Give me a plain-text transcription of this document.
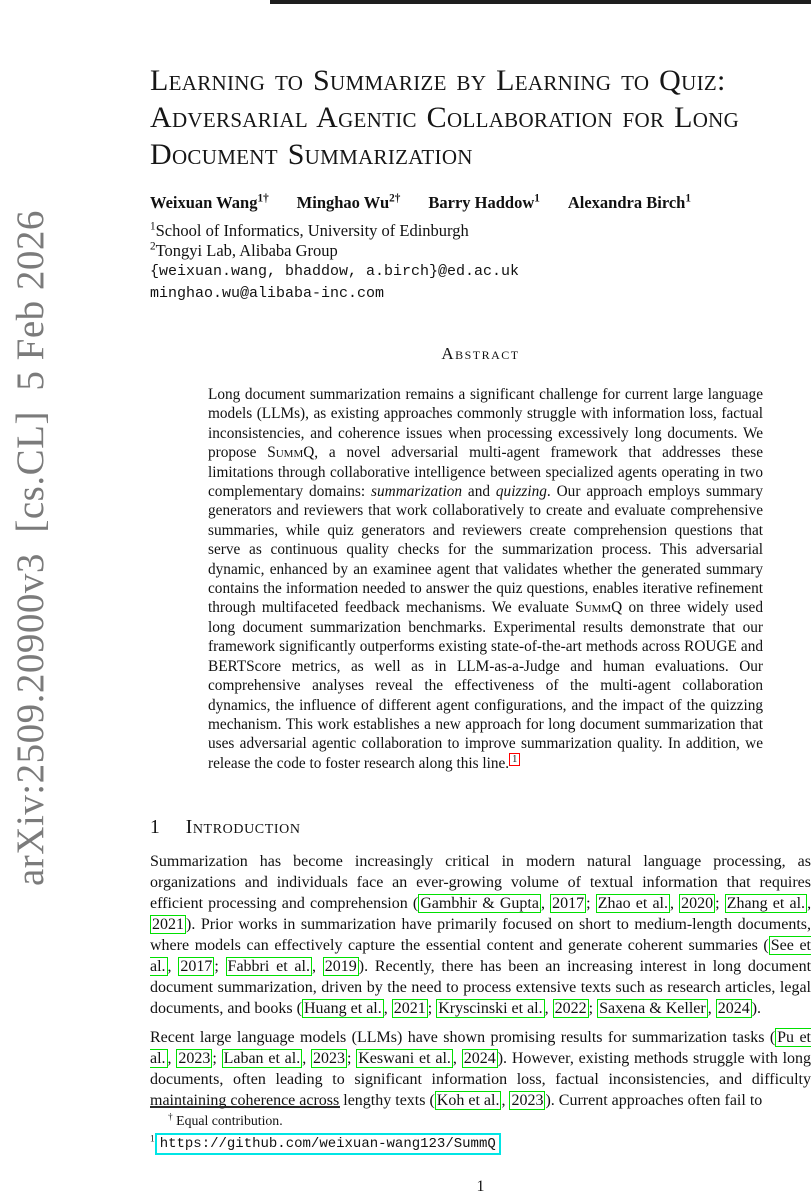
arXiv:2509.20900v3  [cs.CL]  5 Feb 2026
Learning to Summarize by Learning to Quiz:
Adversarial Agentic Collaboration for Long
Document Summarization
Weixuan Wang$^{1\dagger}$ Minghao $Wu^{2\dagger}$ Barry Haddow$^1$ Alexandra Birch$^1$
$^1$School of Informatics, University of Edinburgh
$^2$Tongyi Lab, Alibaba Group
{weixuan.wang, bhaddow, a.birch}@ed.ac.uk
minghao.wu@alibaba-inc.com
Abstract
Long document summarization remains a significant challenge for current large language models (LLMs), as existing approaches commonly struggle with information loss, factual inconsistencies, and coherence issues when processing excessively long documents. We propose SummQ, a novel adversarial multi-agent framework that addresses these limitations through collaborative intelligence between specialized agents operating in two complementary domains: summarization and quizzing. Our approach employs summary generators and reviewers that work collaboratively to create and evaluate comprehensive summaries, while quiz generators and reviewers create comprehension questions that serve as continuous quality checks for the summarization process. This adversarial dynamic, enhanced by an examinee agent that validates whether the generated summary contains the information needed to answer the quiz questions, enables iterative refinement through multifaceted feedback mechanisms. We evaluate SummQ on three widely used long document summarization benchmarks. Experimental results demonstrate that our framework significantly outperforms existing state-of-the-art methods across ROUGE and BERTScore metrics, as well as in LLM-as-a-Judge and human evaluations. Our comprehensive analyses reveal the effectiveness of the multi-agent collaboration dynamics, the influence of different agent configurations, and the impact of the quizzing mechanism. This work establishes a new approach for long document summarization that uses adversarial agentic collaboration to improve summarization quality. In addition, we release the code to foster research along this line. $^1$
1 Introduction

Summarization has become increasingly critical in modern natural language processing, as organizations and individuals face an ever-growing volume of textual information that requires efficient processing and comprehension ( Gambhir & Gupta , 2017 ; Zhao et al. , 2020 ; Zhang et al. , 2021 ). Prior works in summarization have primarily focused on short to medium-length documents, where models can effectively capture the essential content and generate coherent summaries ( See et al. , 2017 ; Fabbri et al. , 2019 ). Recently, there has been an increasing interest in long document document summarization, driven by the need to process extensive texts such as research articles, legal documents, and books ( Huang et al. , 2021 ; Kryscinski et al. , 2022 ; Saxena & Keller , 2024 ).

Recent large language models (LLMs) have shown promising results for summarization tasks ( Pu et al. , 2023 ; Laban et al. , 2023 ; Keswani et al. , 2024 ). However, existing methods struggle with long documents, often leading to significant information loss, factual inconsistencies, and difficulty maintaining coherence across lengthy texts ( Koh et al. , 2023 ). Current approaches often fail to

† Equal contribution.
$^1$ https://github.com/weixuan-wang123/SummQ
1
